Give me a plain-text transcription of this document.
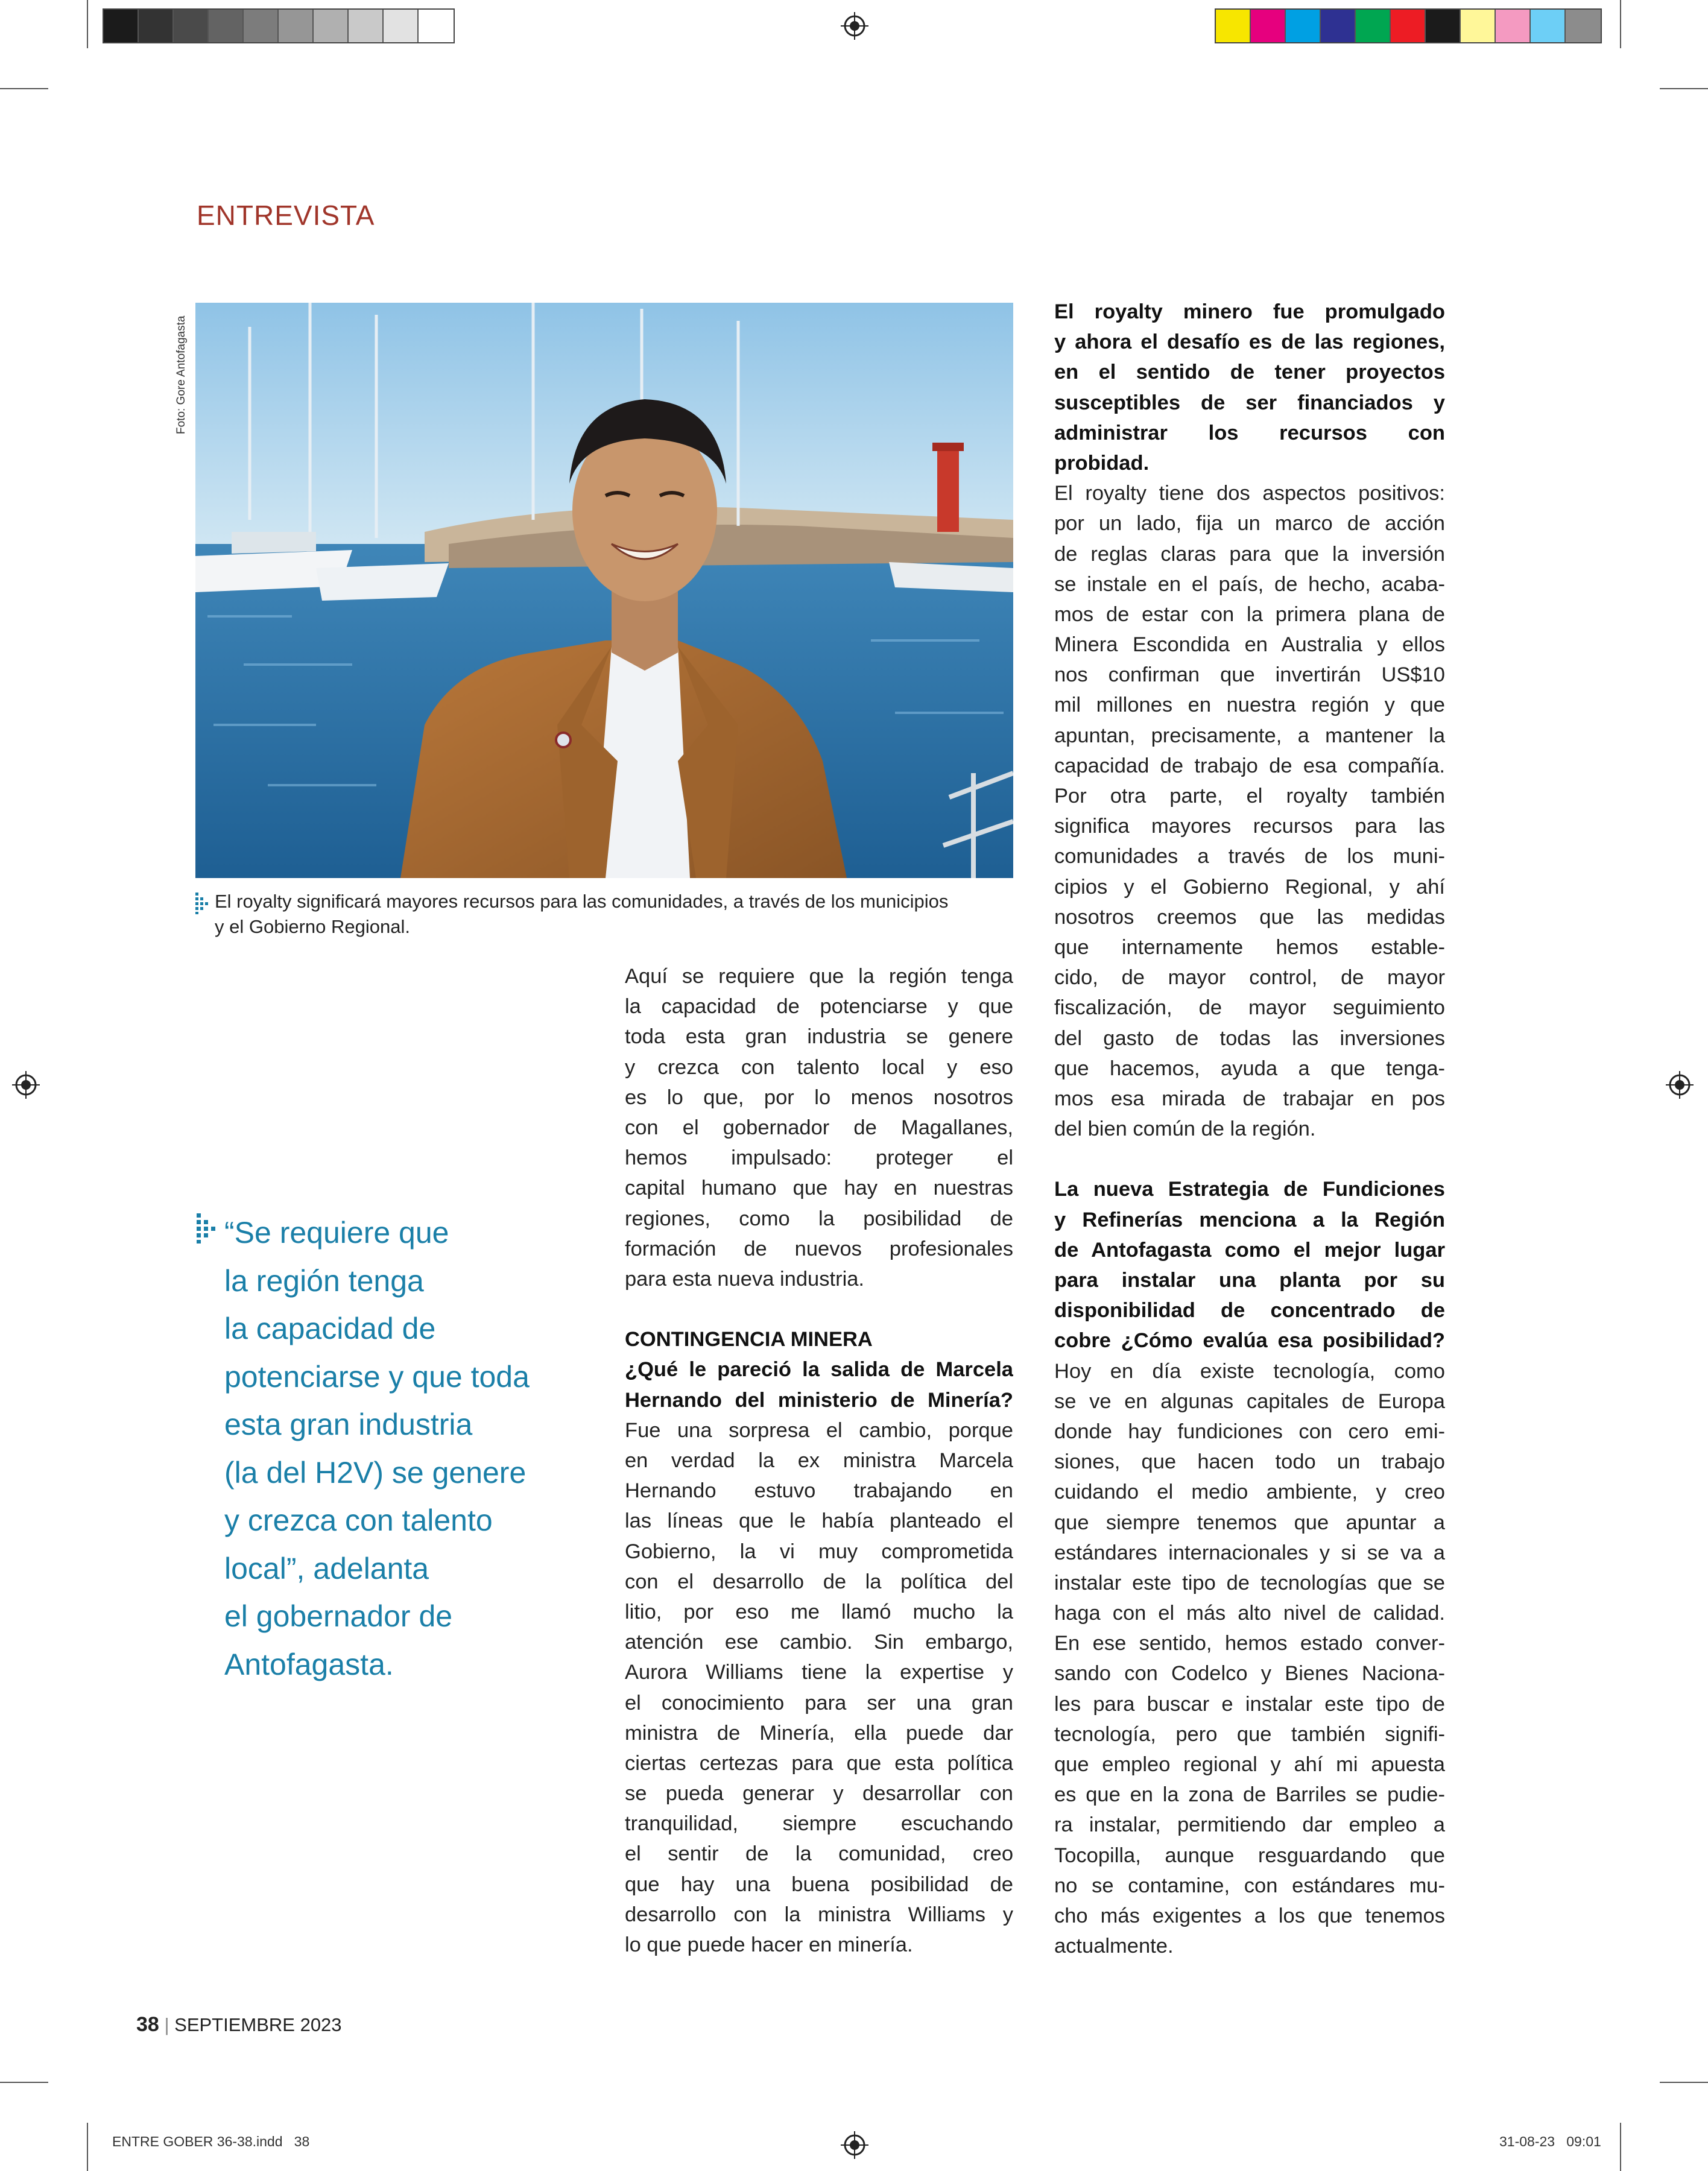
ENTREVISTA
Foto: Gore Antofagasta
El royalty significará mayores recursos para las comunidades, a través de los municipios
y el Gobierno Regional.
“Se requiere que
la región tenga
la capacidad de
potenciarse y que toda
esta gran industria
(la del H2V) se genere
y crezca con talento
local”, adelanta
el gobernador de
Antofagasta.
Aquí se requiere que la región tenga
la capacidad de potenciarse y que
toda esta gran industria se genere
y crezca con talento local y eso
es lo que, por lo menos nosotros
con el gobernador de Magallanes,
hemos impulsado: proteger el
capital humano que hay en nuestras
regiones, como la posibilidad de
formación de nuevos profesionales
para esta nueva industria.
CONTINGENCIA MINERA
¿Qué le pareció la salida de Marcela
Hernando del ministerio de Minería?
Fue una sorpresa el cambio, porque
en verdad la ex ministra Marcela
Hernando estuvo trabajando en
las líneas que le había planteado el
Gobierno, la vi muy comprometida
con el desarrollo de la política del
litio, por eso me llamó mucho la
atención ese cambio. Sin embargo,
Aurora Williams tiene la expertise y
el conocimiento para ser una gran
ministra de Minería, ella puede dar
ciertas certezas para que esta política
se pueda generar y desarrollar con
tranquilidad, siempre escuchando
el sentir de la comunidad, creo
que hay una buena posibilidad de
desarrollo con la ministra Williams y
lo que puede hacer en minería.
El royalty minero fue promulgado
y ahora el desafío es de las regiones,
en el sentido de tener proyectos
susceptibles de ser financiados y
administrar los recursos con
probidad.
El royalty tiene dos aspectos positivos:
por un lado, fija un marco de acción
de reglas claras para que la inversión
se instale en el país, de hecho, acaba-
mos de estar con la primera plana de
Minera Escondida en Australia y ellos
nos confirman que invertirán US$10
mil millones en nuestra región y que
apuntan, precisamente, a mantener la
capacidad de trabajo de esa compañía.
Por otra parte, el royalty también
significa mayores recursos para las
comunidades a través de los muni-
cipios y el Gobierno Regional, y ahí
nosotros creemos que las medidas
que internamente hemos estable-
cido, de mayor control, de mayor
fiscalización, de mayor seguimiento
del gasto de todas las inversiones
que hacemos, ayuda a que tenga-
mos esa mirada de trabajar en pos
del bien común de la región.
La nueva Estrategia de Fundiciones
y Refinerías menciona a la Región
de Antofagasta como el mejor lugar
para instalar una planta por su
disponibilidad de concentrado de
cobre ¿Cómo evalúa esa posibilidad?
Hoy en día existe tecnología, como
se ve en algunas capitales de Europa
donde hay fundiciones con cero emi-
siones, que hacen todo un trabajo
cuidando el medio ambiente, y creo
que siempre tenemos que apuntar a
estándares internacionales y si se va a
instalar este tipo de tecnologías que se
haga con el más alto nivel de calidad.
En ese sentido, hemos estado conver-
sando con Codelco y Bienes Naciona-
les para buscar e instalar este tipo de
tecnología, pero que también signifi-
que empleo regional y ahí mi apuesta
es que en la zona de Barriles se pudie-
ra instalar, permitiendo dar empleo a
Tocopilla, aunque resguardando que
no se contamine, con estándares mu-
cho más exigentes a los que tenemos
actualmente.
38 | SEPTIEMBRE 2023
ENTRE GOBER 36-38.indd   38	31-08-23   09:01
